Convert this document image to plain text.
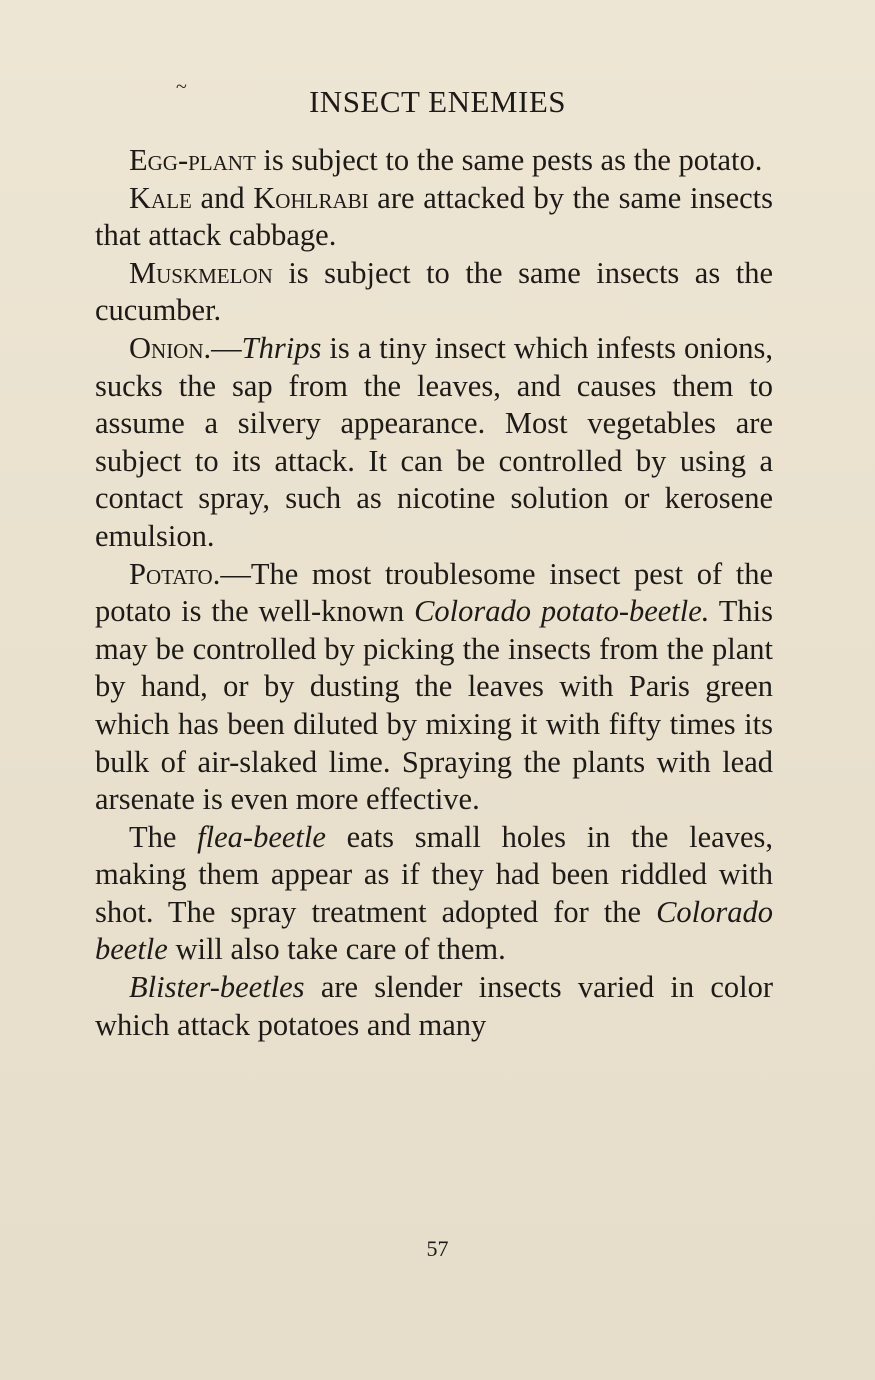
~	INSECT ENEMIES

Egg-plant is subject to the same pests as the potato.

Kale and Kohlrabi are attacked by the same insects that attack cabbage.

Muskmelon is subject to the same insects as the cucumber.

Onion.—Thrips is a tiny insect which infests onions, sucks the sap from the leaves, and causes them to assume a silvery appearance. Most vegetables are subject to its attack. It can be controlled by using a contact spray, such as nicotine solution or kerosene emulsion.

Potato.—The most troublesome insect pest of the potato is the well-known Colorado potato-beetle. This may be controlled by picking the insects from the plant by hand, or by dusting the leaves with Paris green which has been diluted by mixing it with fifty times its bulk of air-slaked lime. Spraying the plants with lead arsenate is even more effective.

The flea-beetle eats small holes in the leaves, making them appear as if they had been riddled with shot. The spray treatment adopted for the Colorado beetle will also take care of them.

Blister-beetles are slender insects varied in color which attack potatoes and many

57
